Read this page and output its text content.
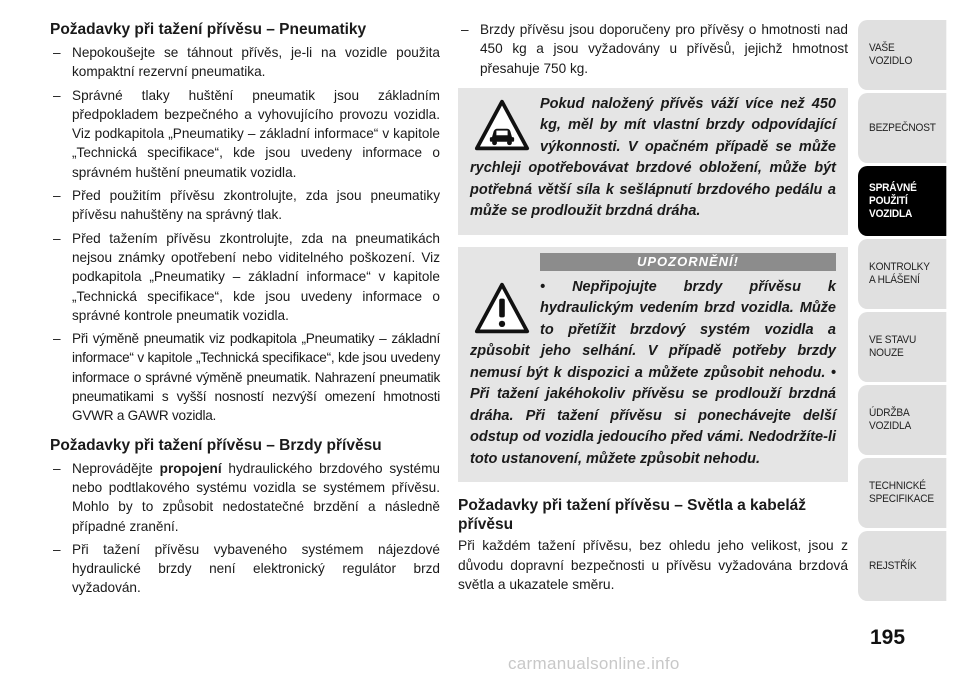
Požadavky při tažení přívěsu – Pneumatiky
– Nepokoušejte se táhnout přívěs, je-li na vozidle použita kompaktní rezervní pneumatika.
– Správné tlaky huštění pneumatik jsou základním předpokladem bezpečného a vyhovujícího provozu vozidla. Viz podkapitola „Pneumatiky – základní informace“ v kapitole „Technická specifikace“, kde jsou uvedeny informace o správném huštění pneumatik vozidla.
– Před použitím přívěsu zkontrolujte, zda jsou pneumatiky přívěsu nahuštěny na správný tlak.
– Před tažením přívěsu zkontrolujte, zda na pneumatikách nejsou známky opotřebení nebo viditelného poškození. Viz podkapitola „Pneumatiky – základní informace“ v kapitole „Technická specifikace“, kde jsou uvedeny informace o správné kontrole pneumatik vozidla.
– Při výměně pneumatik viz podkapitola „Pneumatiky – základní informace“ v kapitole „Technická specifikace“, kde jsou uvedeny informace o správné výměně pneumatik. Nahrazení pneumatik pneumatikami s vyšší nosností nezvýší omezení hmotnosti GVWR a GAWR vozidla.
Požadavky při tažení přívěsu – Brzdy přívěsu
– Neprovádějte propojení hydraulického brzdového systému nebo podtlakového systému vozidla se systémem přívěsu. Mohlo by to způsobit nedostatečné brzdění a následně případné zranění.
– Při tažení přívěsu vybaveného systémem nájezdové hydraulické brzdy není elektronický regulátor brzd vyžadován.
– Brzdy přívěsu jsou doporučeny pro přívěsy o hmotnosti nad 450 kg a jsou vyžadovány u přívěsů, jejichž hmotnost přesahuje 750 kg.
Pokud naložený přívěs váží více než 450 kg, měl by mít vlastní brzdy odpovídající výkonnosti. V opačném případě se může rychleji opotřebovávat brzdové obložení, může být potřebná větší síla k sešlápnutí brzdového pedálu a může se prodloužit brzdná dráha.
UPOZORNĚNÍ!
• Nepřipojujte brzdy přívěsu k hydraulickým vedením brzd vozidla. Může to přetížit brzdový systém vozidla a způsobit jeho selhání. V případě potřeby brzdy nemusí být k dispozici a můžete způsobit nehodu. • Při tažení jakéhokoliv přívěsu se prodlouží brzdná dráha. Při tažení přívěsu si ponechávejte delší odstup od vozidla jedoucího před vámi. Nedodržíte-li toto ustanovení, můžete způsobit nehodu.
Požadavky při tažení přívěsu – Světla a kabeláž přívěsu

Při každém tažení přívěsu, bez ohledu jeho velikost, jsou z důvodu dopravní bezpečnosti u přívěsu vyžadována brzdová světla a ukazatele směru.

VAŠE
VOZIDLO
BEZPEČNOST
SPRÁVNÉ
POUŽITÍ
VOZIDLA
KONTROLKY
A HLÁŠENÍ
VE STAVU
NOUZE
ÚDRŽBA
VOZIDLA
TECHNICKÉ
SPECIFIKACE
REJSTŘÍK
195
carmanualsonline.info
